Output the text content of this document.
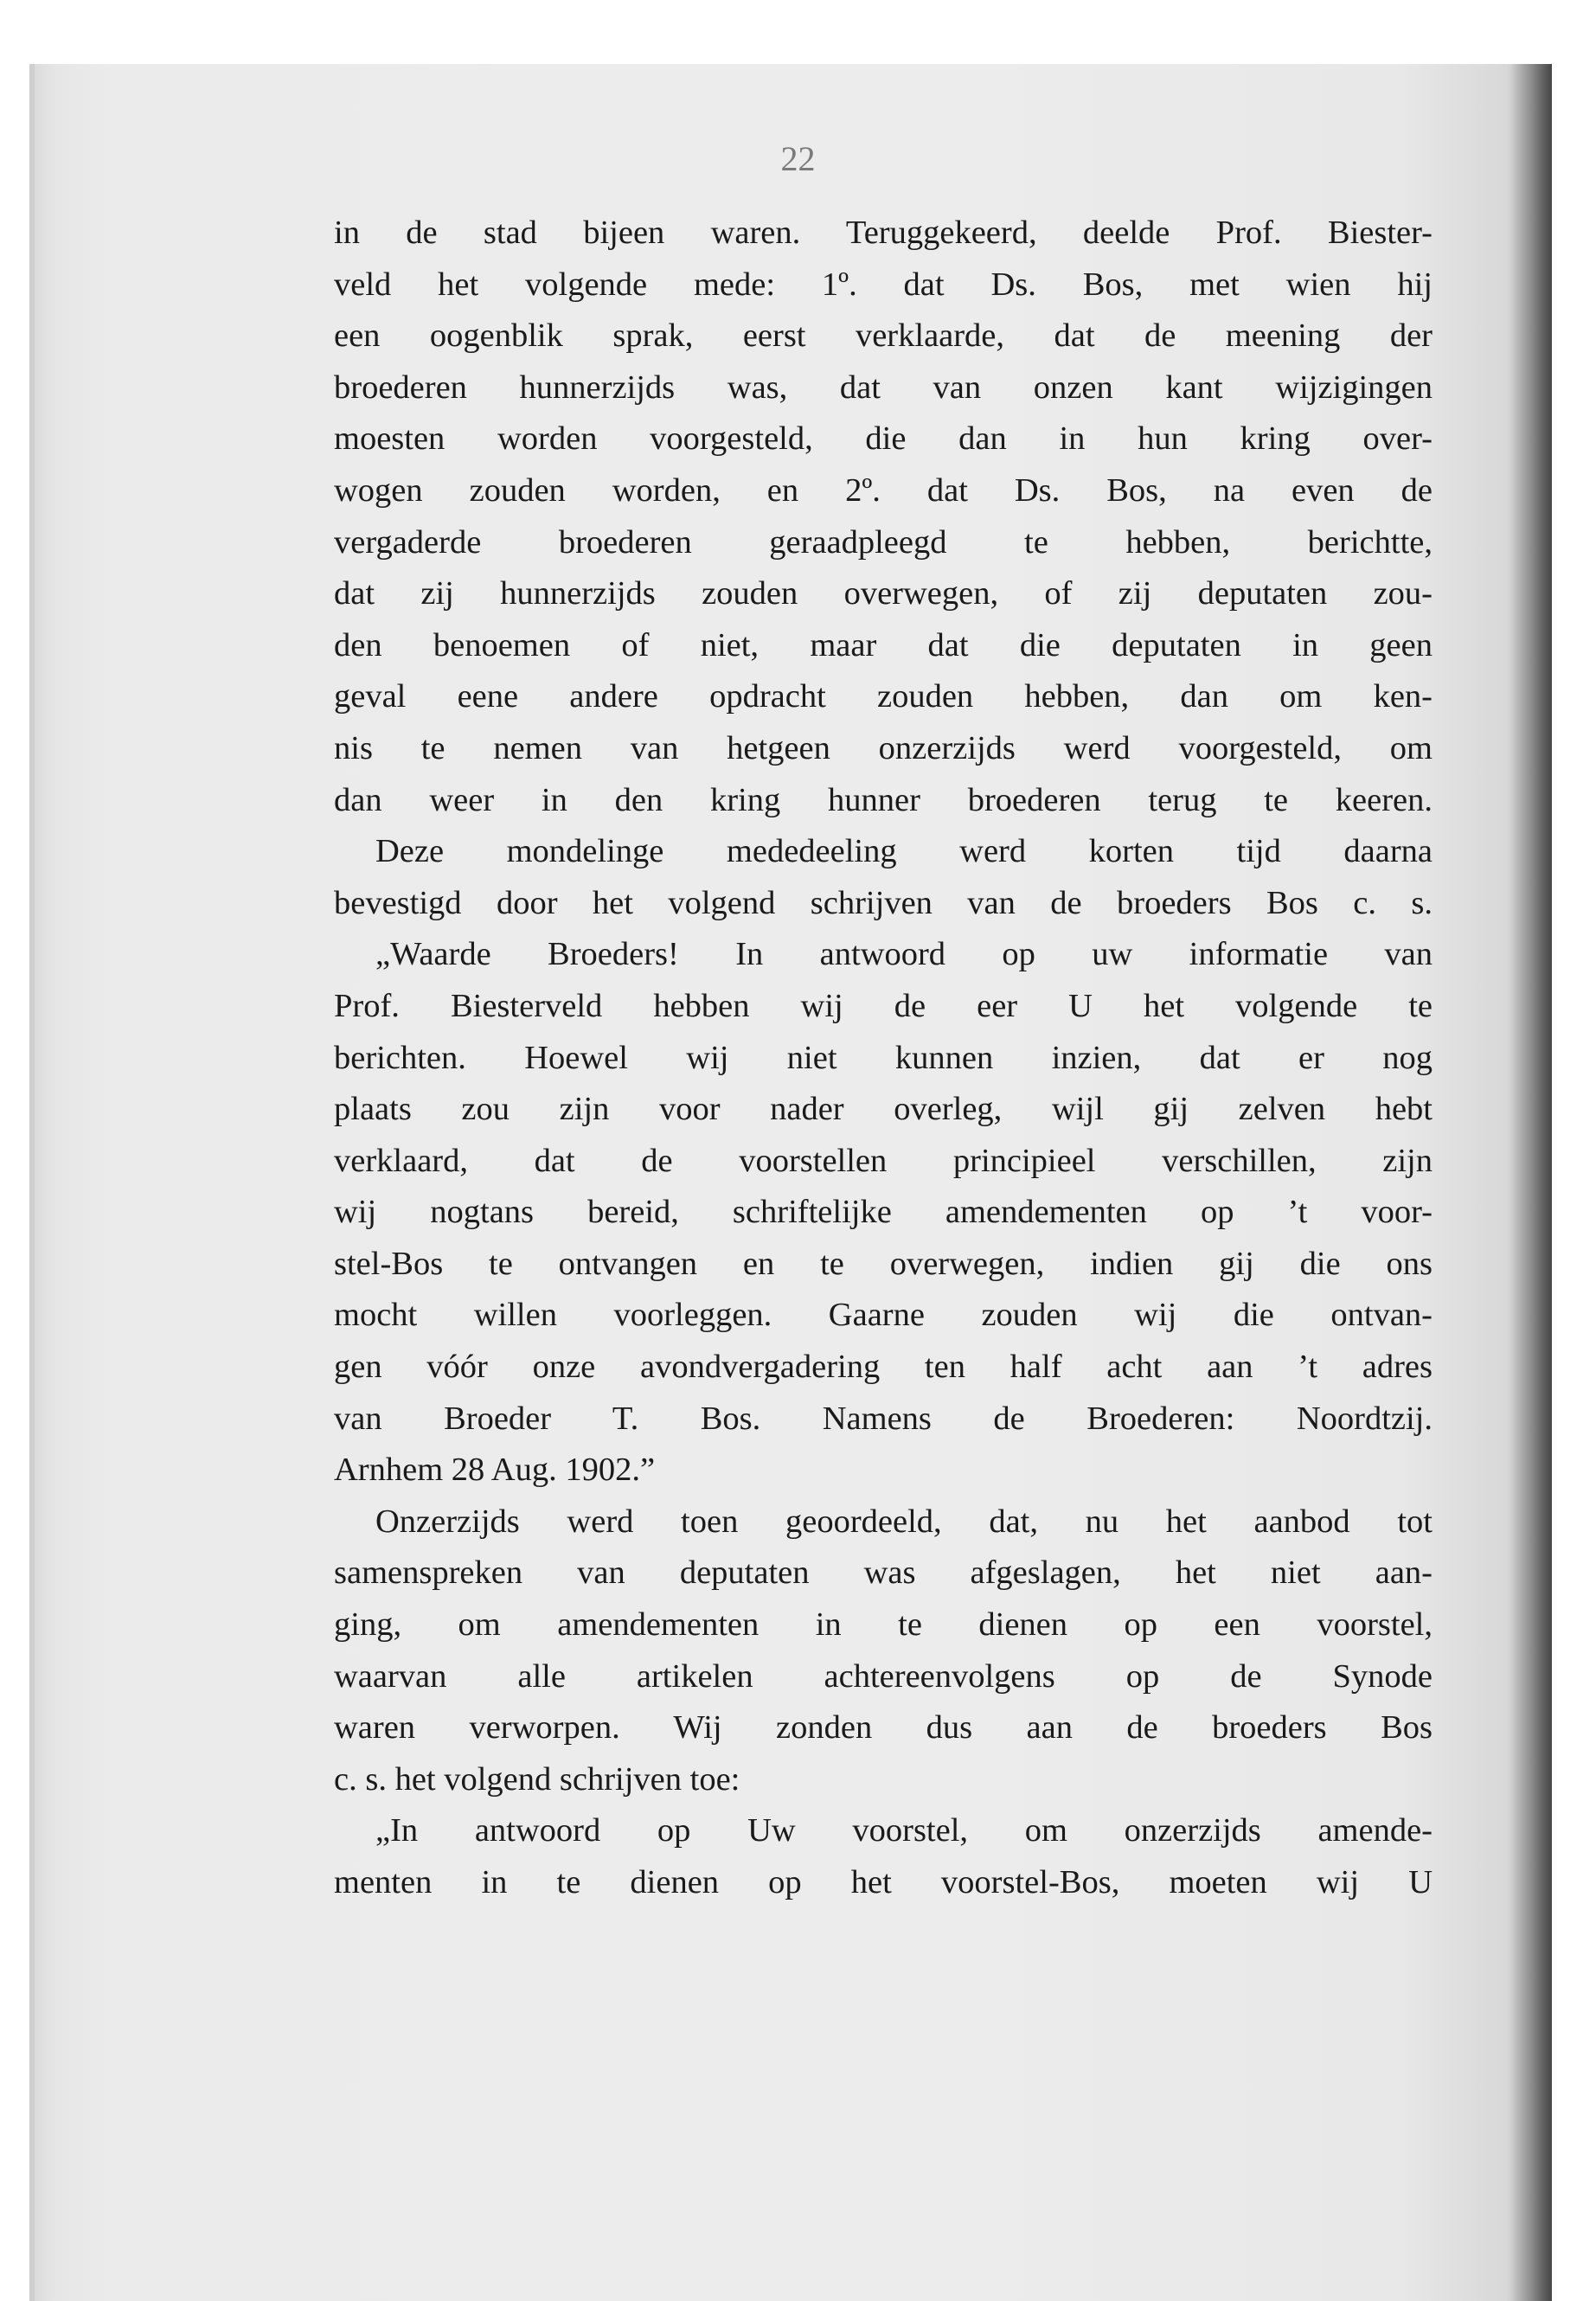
22
in de stad bijeen waren. Teruggekeerd, deelde Prof. Biester-
veld het volgende mede: 1º. dat Ds. Bos, met wien hij
een oogenblik sprak, eerst verklaarde, dat de meening der
broederen hunnerzijds was, dat van onzen kant wijzigingen
moesten worden voorgesteld, die dan in hun kring over-
wogen zouden worden, en 2º. dat Ds. Bos, na even de
vergaderde broederen geraadpleegd te hebben, berichtte,
dat zij hunnerzijds zouden overwegen, of zij deputaten zou-
den benoemen of niet, maar dat die deputaten in geen
geval eene andere opdracht zouden hebben, dan om ken-
nis te nemen van hetgeen onzerzijds werd voorgesteld, om
dan weer in den kring hunner broederen terug te keeren.
Deze mondelinge mededeeling werd korten tijd daarna
bevestigd door het volgend schrijven van de broeders Bos c. s.
„Waarde Broeders! In antwoord op uw informatie van
Prof. Biesterveld hebben wij de eer U het volgende te
berichten. Hoewel wij niet kunnen inzien, dat er nog
plaats zou zijn voor nader overleg, wijl gij zelven hebt
verklaard, dat de voorstellen principieel verschillen, zijn
wij nogtans bereid, schriftelijke amendementen op ’t voor-
stel-Bos te ontvangen en te overwegen, indien gij die ons
mocht willen voorleggen. Gaarne zouden wij die ontvan-
gen vóór onze avondvergadering ten half acht aan ’t adres
van Broeder T. Bos. Namens de Broederen: Noordtzij.
Arnhem 28 Aug. 1902.”
Onzerzijds werd toen geoordeeld, dat, nu het aanbod tot
samenspreken van deputaten was afgeslagen, het niet aan-
ging, om amendementen in te dienen op een voorstel,
waarvan alle artikelen achtereenvolgens op de Synode
waren verworpen. Wij zonden dus aan de broeders Bos
c. s. het volgend schrijven toe:
„In antwoord op Uw voorstel, om onzerzijds amende-
menten in te dienen op het voorstel-Bos, moeten wij U
